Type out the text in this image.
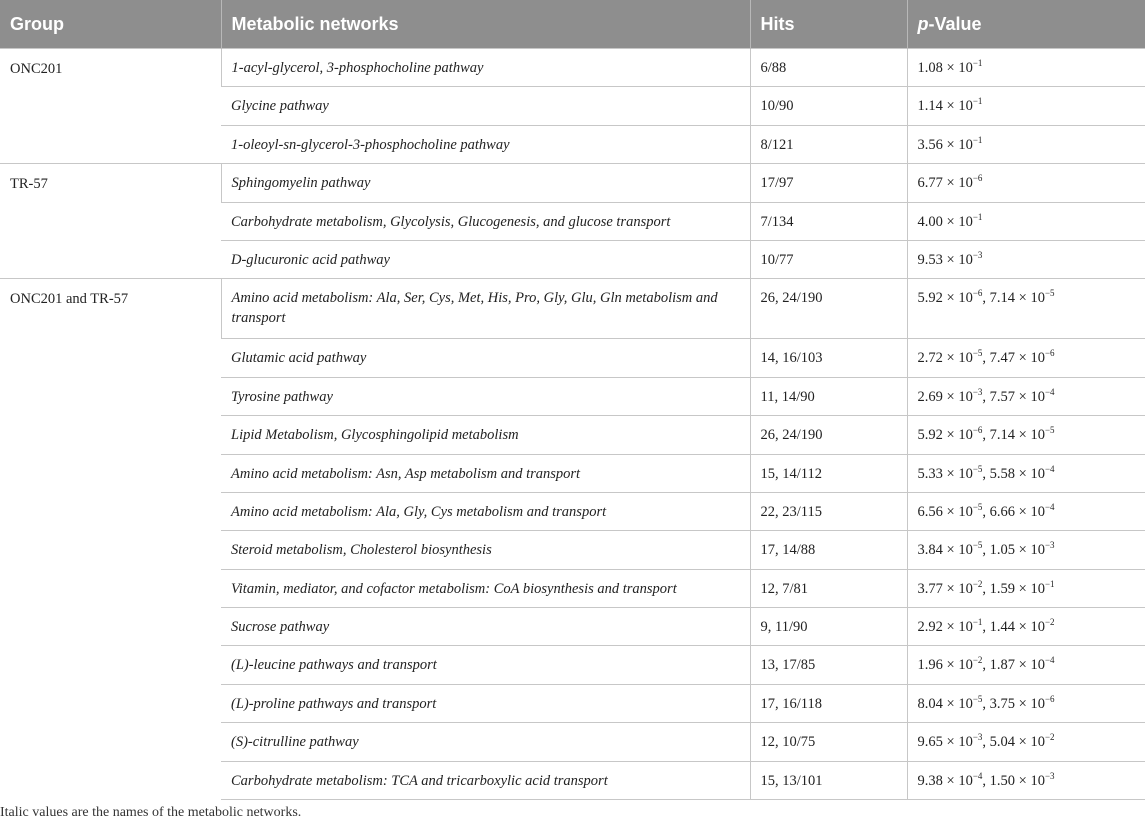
Group	Metabolic networks	Hits	p-Value
ONC201	1-acyl-glycerol, 3-phosphocholine pathway	6/88	$1.08 \times 10^{-1}$
	Glycine pathway	10/90	$1.14 \times 10^{-1}$
	1-oleoyl-sn-glycerol-3-phosphocholine pathway	8/121	$3.56 \times 10^{-1}$
TR-57	Sphingomyelin pathway	17/97	$6.77 \times 10^{-6}$
	Carbohydrate metabolism, Glycolysis, Glucogenesis, and glucose transport	7/134	$4.00 \times 10^{-1}$
	D-glucuronic acid pathway	10/77	$9.53 \times 10^{-3}$
ONC201 and TR-57	Amino acid metabolism: Ala, Ser, Cys, Met, His, Pro, Gly, Glu, Gln metabolism and transport	26, 24/190	$5.92 \times 10^{-6}$, $7.14 \times 10^{-5}$
	Glutamic acid pathway	14, 16/103	$2.72 \times 10^{-5}$, $7.47 \times 10^{-6}$
	Tyrosine pathway	11, 14/90	$2.69 \times 10^{-3}$, $7.57 \times 10^{-4}$
	Lipid Metabolism, Glycosphingolipid metabolism	26, 24/190	$5.92 \times 10^{-6}$, $7.14 \times 10^{-5}$
	Amino acid metabolism: Asn, Asp metabolism and transport	15, 14/112	$5.33 \times 10^{-5}$, $5.58 \times 10^{-4}$
	Amino acid metabolism: Ala, Gly, Cys metabolism and transport	22, 23/115	$6.56 \times 10^{-5}$, $6.66 \times 10^{-4}$
	Steroid metabolism, Cholesterol biosynthesis	17, 14/88	$3.84 \times 10^{-5}$, $1.05 \times 10^{-3}$
	Vitamin, mediator, and cofactor metabolism: CoA biosynthesis and transport	12, 7/81	$3.77 \times 10^{-2}$, $1.59 \times 10^{-1}$
	Sucrose pathway	9, 11/90	$2.92 \times 10^{-1}$, $1.44 \times 10^{-2}$
	(L)-leucine pathways and transport	13, 17/85	$1.96 \times 10^{-2}$, $1.87 \times 10^{-4}$
	(L)-proline pathways and transport	17, 16/118	$8.04 \times 10^{-5}$, $3.75 \times 10^{-6}$
	(S)-citrulline pathway	12, 10/75	$9.65 \times 10^{-3}$, $5.04 \times 10^{-2}$
	Carbohydrate metabolism: TCA and tricarboxylic acid transport	15, 13/101	$9.38 \times 10^{-4}$, $1.50 \times 10^{-3}$

Italic values are the names of the metabolic networks.
